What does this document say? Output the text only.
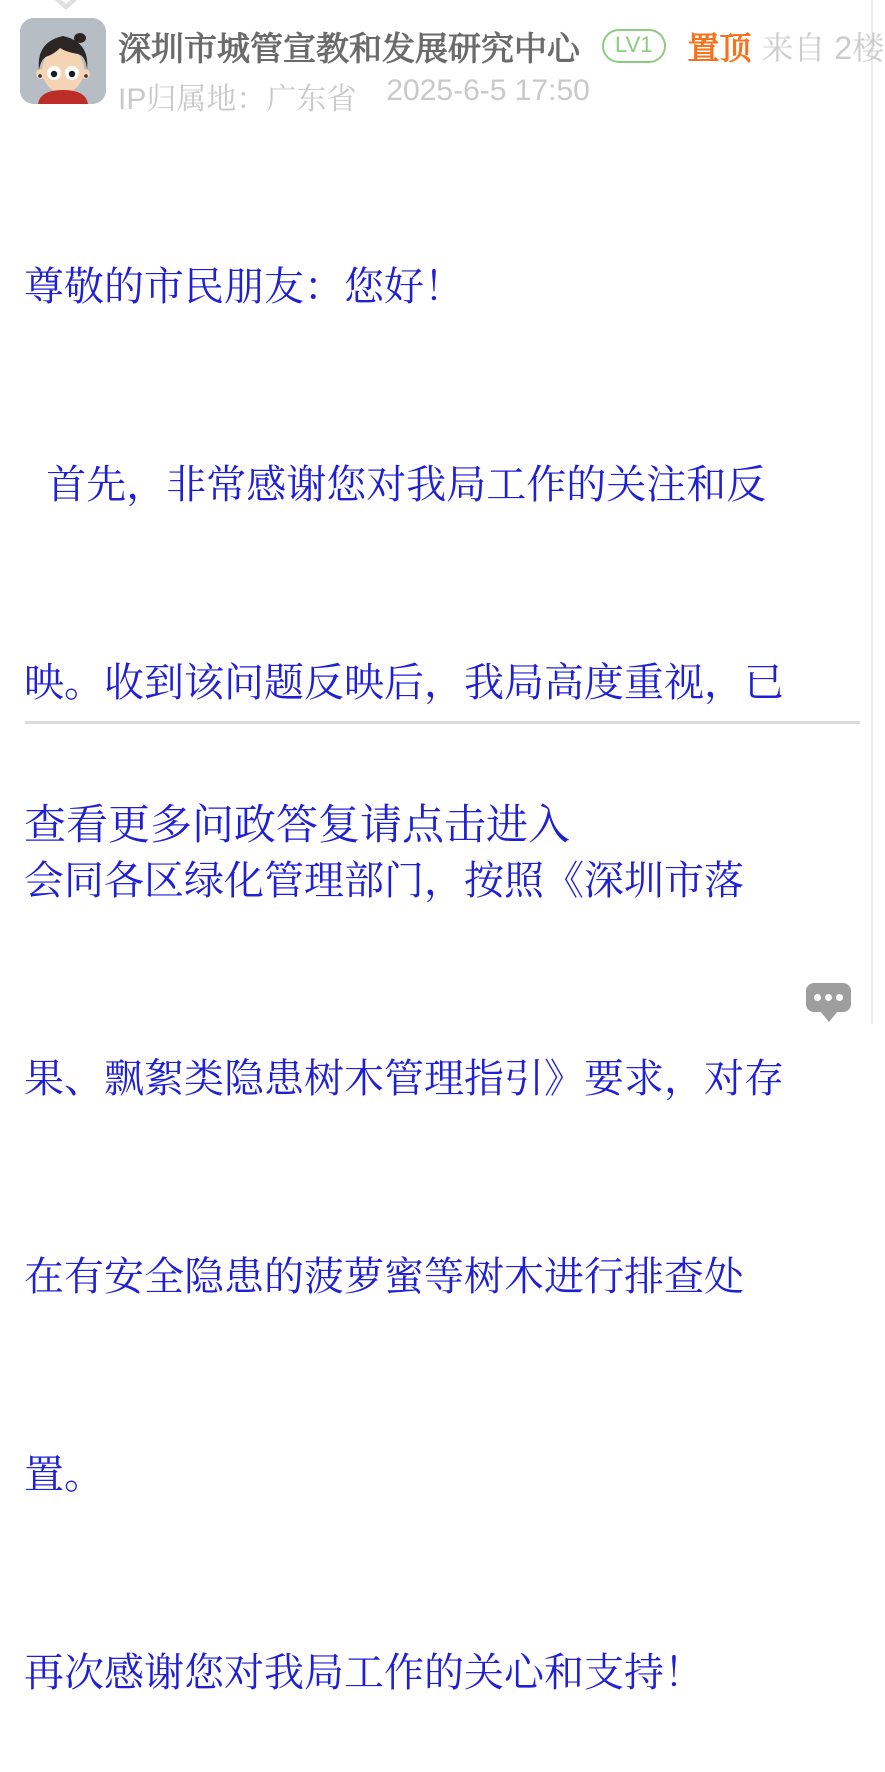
深圳市城管宣教和发展研究中心	LV1	置顶 来自 2楼
IP归属地：广东省 2025-6-5 17:50

尊敬的市民朋友：您好！

首先，非常感谢您对我局工作的关注和反

映。收到该问题反映后，我局高度重视，已

会同各区绿化管理部门，按照《深圳市落

果、飘絮类隐患树木管理指引》要求，对存

在有安全隐患的菠萝蜜等树木进行排查处

置。

再次感谢您对我局工作的关心和支持！

查看更多问政答复请点击进入
